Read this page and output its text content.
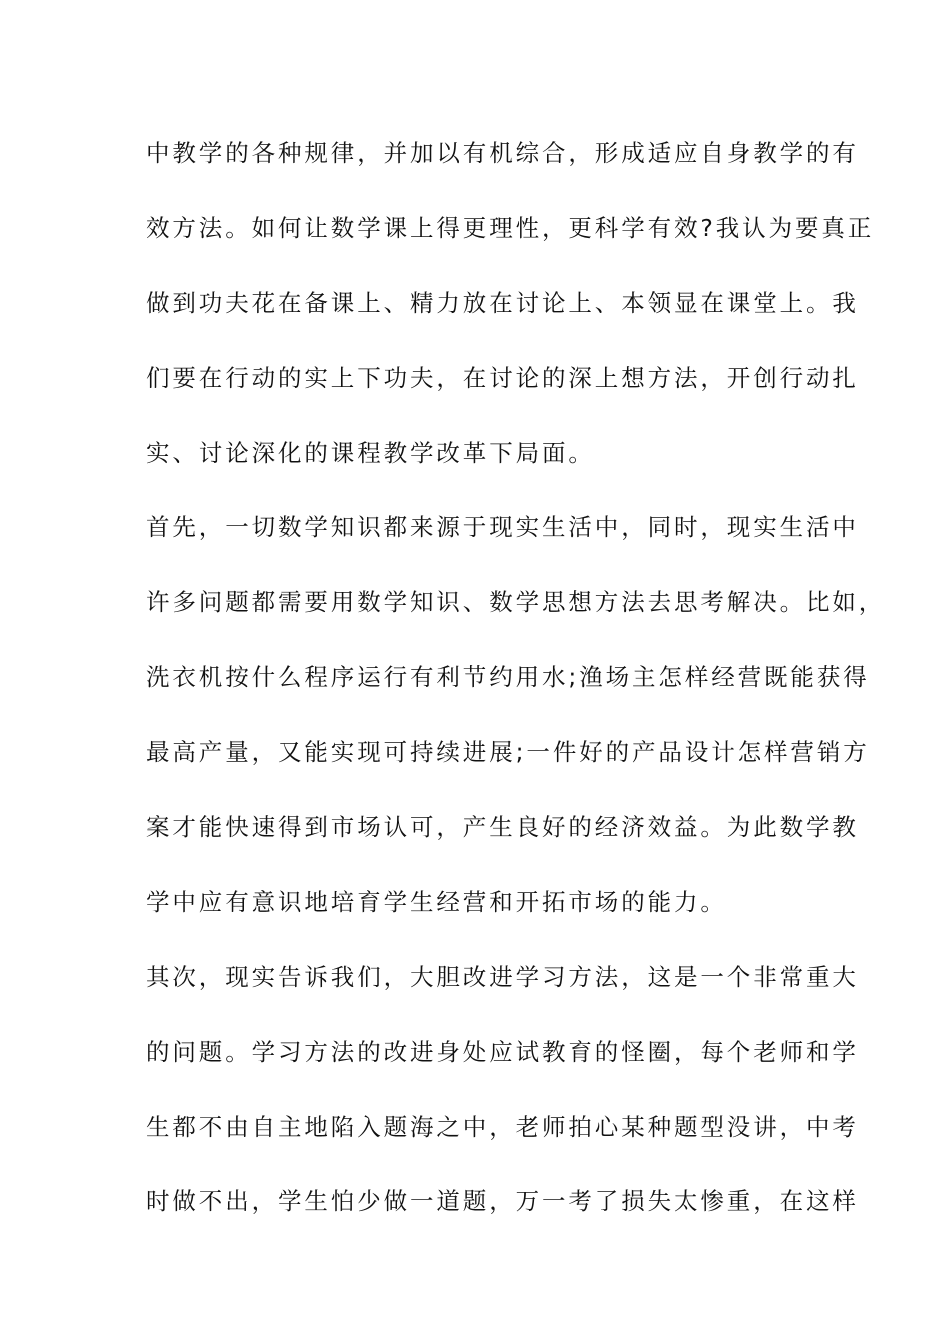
中教学的各种规律，并加以有机综合，形成适应自身教学的有
效方法。如何让数学课上得更理性，更科学有效?我认为要真正
做到功夫花在备课上、精力放在讨论上、本领显在课堂上。我
们要在行动的实上下功夫，在讨论的深上想方法，开创行动扎
实、讨论深化的课程教学改革下局面。
首先，一切数学知识都来源于现实生活中，同时，现实生活中
许多问题都需要用数学知识、数学思想方法去思考解决。比如，
洗衣机按什么程序运行有利节约用水;渔场主怎样经营既能获得
最高产量，又能实现可持续进展;一件好的产品设计怎样营销方
案才能快速得到市场认可，产生良好的经济效益。为此数学教
学中应有意识地培育学生经营和开拓市场的能力。
其次，现实告诉我们，大胆改进学习方法，这是一个非常重大
的问题。学习方法的改进身处应试教育的怪圈，每个老师和学
生都不由自主地陷入题海之中，老师拍心某种题型没讲，中考
时做不出，学生怕少做一道题，万一考了损失太惨重，在这样
